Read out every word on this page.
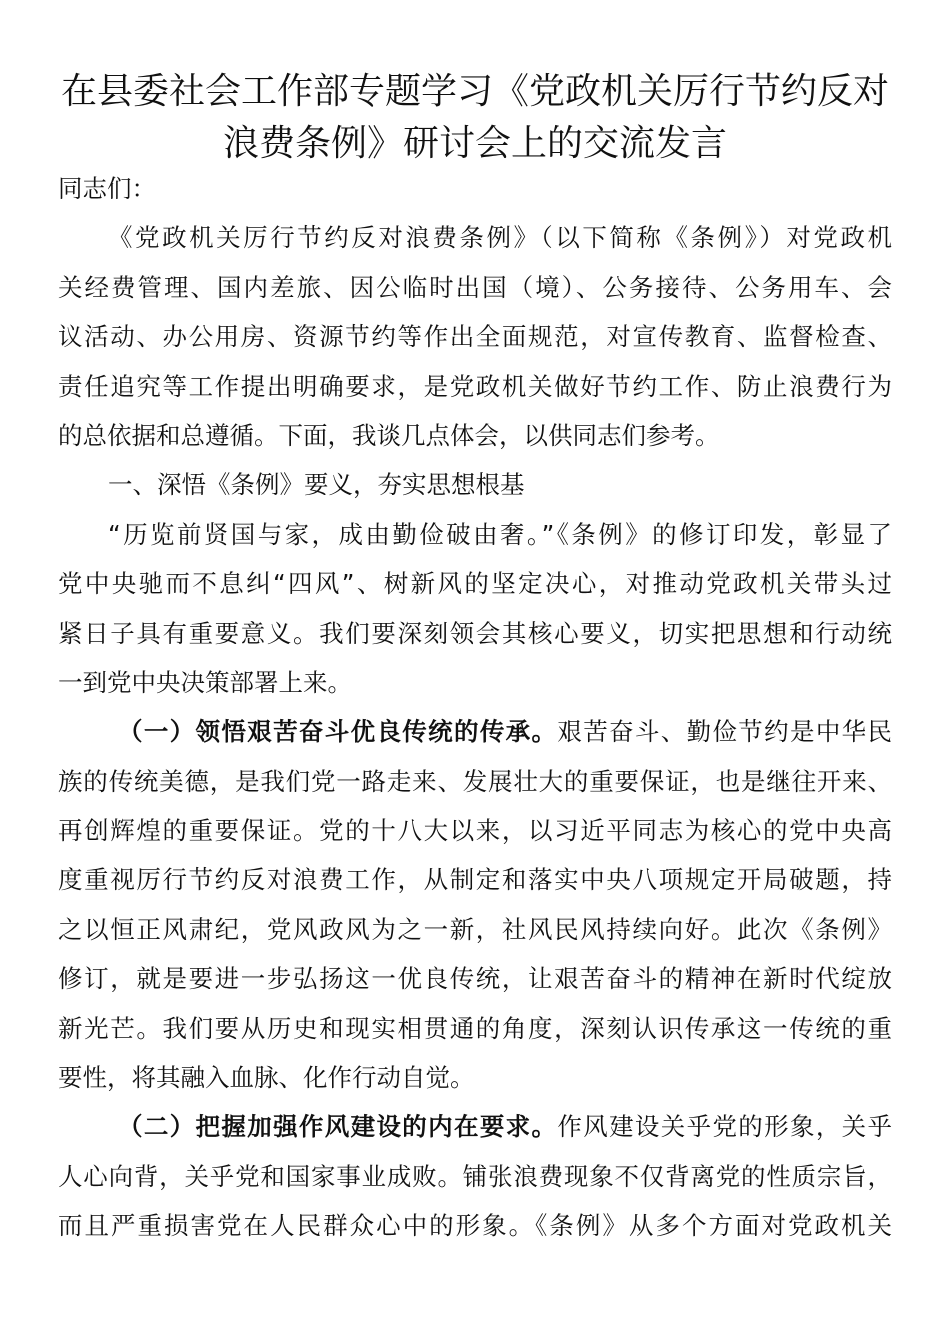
在县委社会工作部专题学习《党政机关厉行节约反对
浪费条例》研讨会上的交流发言
同志们：
《党政机关厉行节约反对浪费条例》（以下简称《条例》）对党政机
关经费管理、国内差旅、因公临时出国（境）、公务接待、公务用车、会
议活动、办公用房、资源节约等作出全面规范，对宣传教育、监督检查、
责任追究等工作提出明确要求，是党政机关做好节约工作、防止浪费行为
的总依据和总遵循。下面，我谈几点体会，以供同志们参考。
一、深悟《条例》要义，夯实思想根基
“历览前贤国与家，成由勤俭破由奢。”《条例》的修订印发，彰显了
党中央驰而不息纠“四风”、树新风的坚定决心，对推动党政机关带头过
紧日子具有重要意义。我们要深刻领会其核心要义，切实把思想和行动统
一到党中央决策部署上来。
（一）领悟艰苦奋斗优良传统的传承。艰苦奋斗、勤俭节约是中华民
族的传统美德，是我们党一路走来、发展壮大的重要保证，也是继往开来、
再创辉煌的重要保证。党的十八大以来，以习近平同志为核心的党中央高
度重视厉行节约反对浪费工作，从制定和落实中央八项规定开局破题，持
之以恒正风肃纪，党风政风为之一新，社风民风持续向好。此次《条例》
修订，就是要进一步弘扬这一优良传统，让艰苦奋斗的精神在新时代绽放
新光芒。我们要从历史和现实相贯通的角度，深刻认识传承这一传统的重
要性，将其融入血脉、化作行动自觉。
（二）把握加强作风建设的内在要求。作风建设关乎党的形象，关乎
人心向背，关乎党和国家事业成败。铺张浪费现象不仅背离党的性质宗旨，
而且严重损害党在人民群众心中的形象。《条例》从多个方面对党政机关
